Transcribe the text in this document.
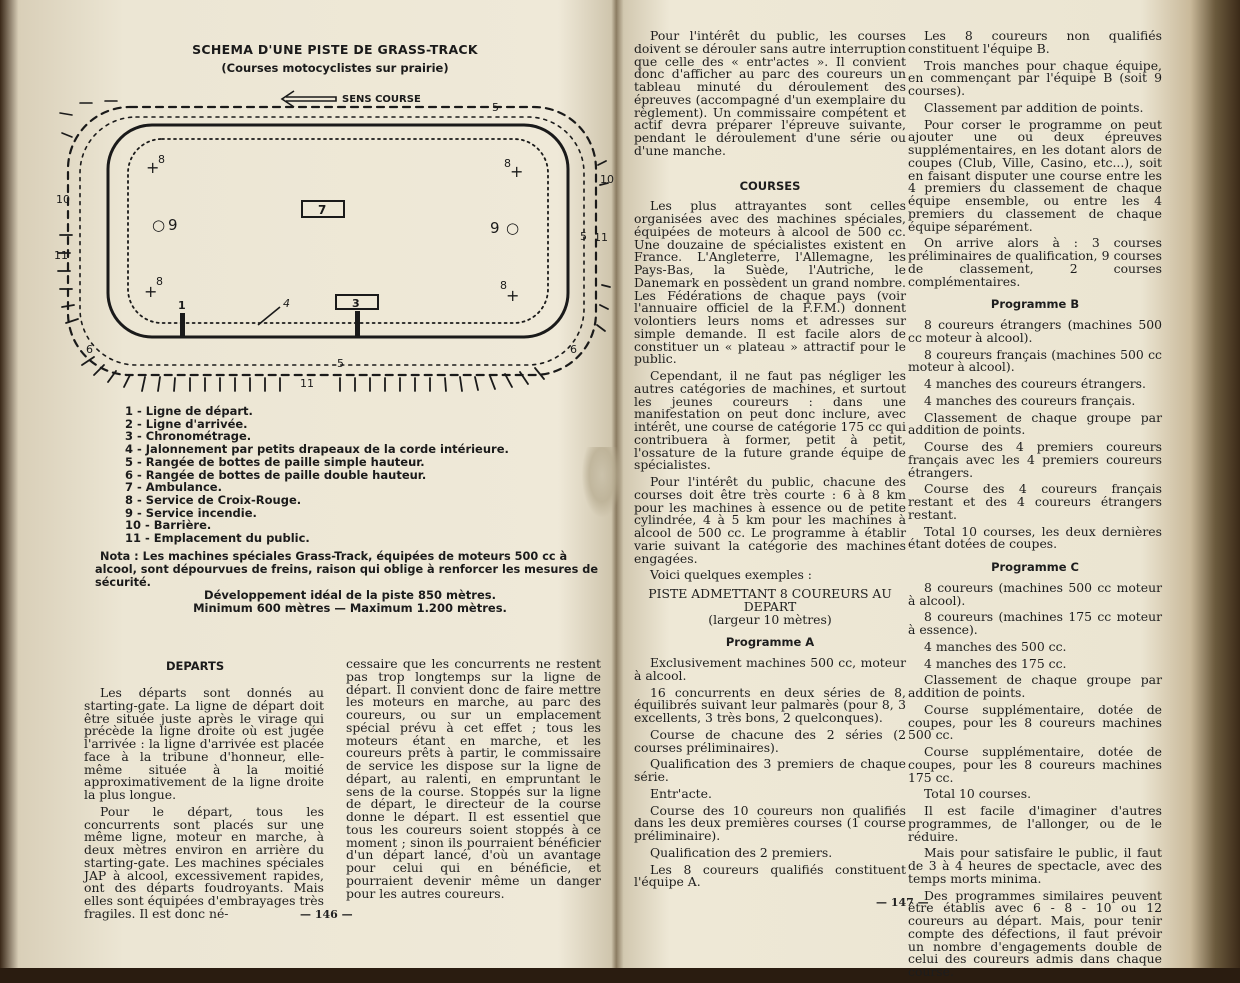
SCHEMA D'UNE PISTE DE GRASS-TRACK
(Courses motocyclistes sur prairie)
SENS COURSE
7
3
1	4
+
8	8 +
+
8	8
+
○ 9	9 ○
5
5
5
6	6
10
10
11
11
11
1 - Ligne de départ.
2 - Ligne d'arrivée.
3 - Chronométrage.
4 - Jalonnement par petits drapeaux de la corde intérieure.
5 - Rangée de bottes de paille simple hauteur.
6 - Rangée de bottes de paille double hauteur.
7 - Ambulance.
8 - Service de Croix-Rouge.
9 - Service incendie.
10 - Barrière.
11 - Emplacement du public.
Nota : Les machines spéciales Grass-Track, équipées de moteurs 500 cc à alcool, sont dépourvues de freins, raison qui oblige à renforcer les mesures de sécurité.
Développement idéal de la piste 850 mètres.
Minimum 600 mètres — Maximum 1.200 mètres.
DEPARTS

Les départs sont donnés au starting-gate. La ligne de départ doit être située juste après le virage qui précède la ligne droite où est jugée l'arrivée : la ligne d'arrivée est placée face à la tribune d'honneur, elle-même située à la moitié approximativement de la ligne droite la plus longue.

Pour le départ, tous les concurrents sont placés sur une même ligne, moteur en marche, à deux mètres environ en arrière du starting-gate. Les machines spéciales JAP à alcool, excessivement rapides, ont des départs foudroyants. Mais elles sont équipées d'embrayages très fragiles. Il est donc né-

cessaire que les concurrents ne restent pas trop longtemps sur la ligne de départ. Il convient donc de faire mettre les moteurs en marche, au parc des coureurs, ou sur un emplacement spécial prévu à cet effet ; tous les moteurs étant en marche, et les coureurs prêts à partir, le commissaire de service les dispose sur la ligne de départ, au ralenti, en empruntant le sens de la course. Stoppés sur la ligne de départ, le directeur de la course donne le départ. Il est essentiel que tous les coureurs soient stoppés à ce moment ; sinon ils pourraient bénéficier d'un départ lancé, d'où un avantage pour celui qui en bénéficie, et pourraient devenir même un danger pour les autres coureurs.

— 146 —

Pour l'intérêt du public, les courses doivent se dérouler sans autre interruption que celle des « entr'actes ». Il convient donc d'afficher au parc des coureurs un tableau minuté du déroulement des épreuves (accompagné d'un exemplaire du règlement). Un commissaire compétent et actif devra préparer l'épreuve suivante, pendant le déroulement d'une série ou d'une manche.

COURSES

Les plus attrayantes sont celles organisées avec des machines spéciales, équipées de moteurs à alcool de 500 cc. Une douzaine de spécialistes existent en France. L'Angleterre, l'Allemagne, les Pays-Bas, la Suède, l'Autriche, le Danemark en possèdent un grand nombre. Les Fédérations de chaque pays (voir l'annuaire officiel de la F.F.M.) donnent volontiers leurs noms et adresses sur simple demande. Il est facile alors de constituer un « plateau » attractif pour le public.

Cependant, il ne faut pas négliger les autres catégories de machines, et surtout les jeunes coureurs : dans une manifestation on peut donc inclure, avec intérêt, une course de catégorie 175 cc qui contribuera à former, petit à petit, l'ossature de la future grande équipe de spécialistes.

Pour l'intérêt du public, chacune des courses doit être très courte : 6 à 8 km pour les machines à essence ou de petite cylindrée, 4 à 5 km pour les machines à alcool de 500 cc. Le programme à établir varie suivant la catégorie des machines engagées.

Voici quelques exemples :

PISTE ADMETTANT 8 COUREURS AU DEPART

(largeur 10 mètres)

Programme A

Exclusivement machines 500 cc, moteur à alcool.

16 concurrents en deux séries de 8, équilibrés suivant leur palmarès (pour 8, 3 excellents, 3 très bons, 2 quelconques).

Course de chacune des 2 séries (2 courses préliminaires).

Qualification des 3 premiers de chaque série.

Entr'acte.

Course des 10 coureurs non qualifiés dans les deux premières courses (1 course préliminaire).

Qualification des 2 premiers.

Les 8 coureurs qualifiés constituent l'équipe A.

Les 8 coureurs non qualifiés constituent l'équipe B.

Trois manches pour chaque équipe, en commençant par l'équipe B (soit 9 courses).

Classement par addition de points.

Pour corser le programme on peut ajouter une ou deux épreuves supplémentaires, en les dotant alors de coupes (Club, Ville, Casino, etc...), soit en faisant disputer une course entre les 4 premiers du classement de chaque équipe ensemble, ou entre les 4 premiers du classement de chaque équipe séparément.

On arrive alors à : 3 courses préliminaires de qualification, 9 courses de classement, 2 courses complémentaires.

Programme B

8 coureurs étrangers (machines 500 cc moteur à alcool).

8 coureurs français (machines 500 cc moteur à alcool).

4 manches des coureurs étrangers.

4 manches des coureurs français.

Classement de chaque groupe par addition de points.

Course des 4 premiers coureurs français avec les 4 premiers coureurs étrangers.

Course des 4 coureurs français restant et des 4 coureurs étrangers restant.

Total 10 courses, les deux dernières étant dotées de coupes.

Programme C

8 coureurs (machines 500 cc moteur à alcool).

8 coureurs (machines 175 cc moteur à essence).

4 manches des 500 cc.

4 manches des 175 cc.

Classement de chaque groupe par addition de points.

Course supplémentaire, dotée de coupes, pour les 8 coureurs machines 500 cc.

Course supplémentaire, dotée de coupes, pour les 8 coureurs machines 175 cc.

Total 10 courses.

Il est facile d'imaginer d'autres programmes, de l'allonger, ou de le réduire.

Mais pour satisfaire le public, il faut de 3 à 4 heures de spectacle, avec des temps morts minima.

Des programmes similaires peuvent être établis avec 6 - 8 - 10 ou 12 coureurs au départ. Mais, pour tenir compte des défections, il faut prévoir un nombre d'engagements double de celui des coureurs admis dans chaque course.

— 147 —
